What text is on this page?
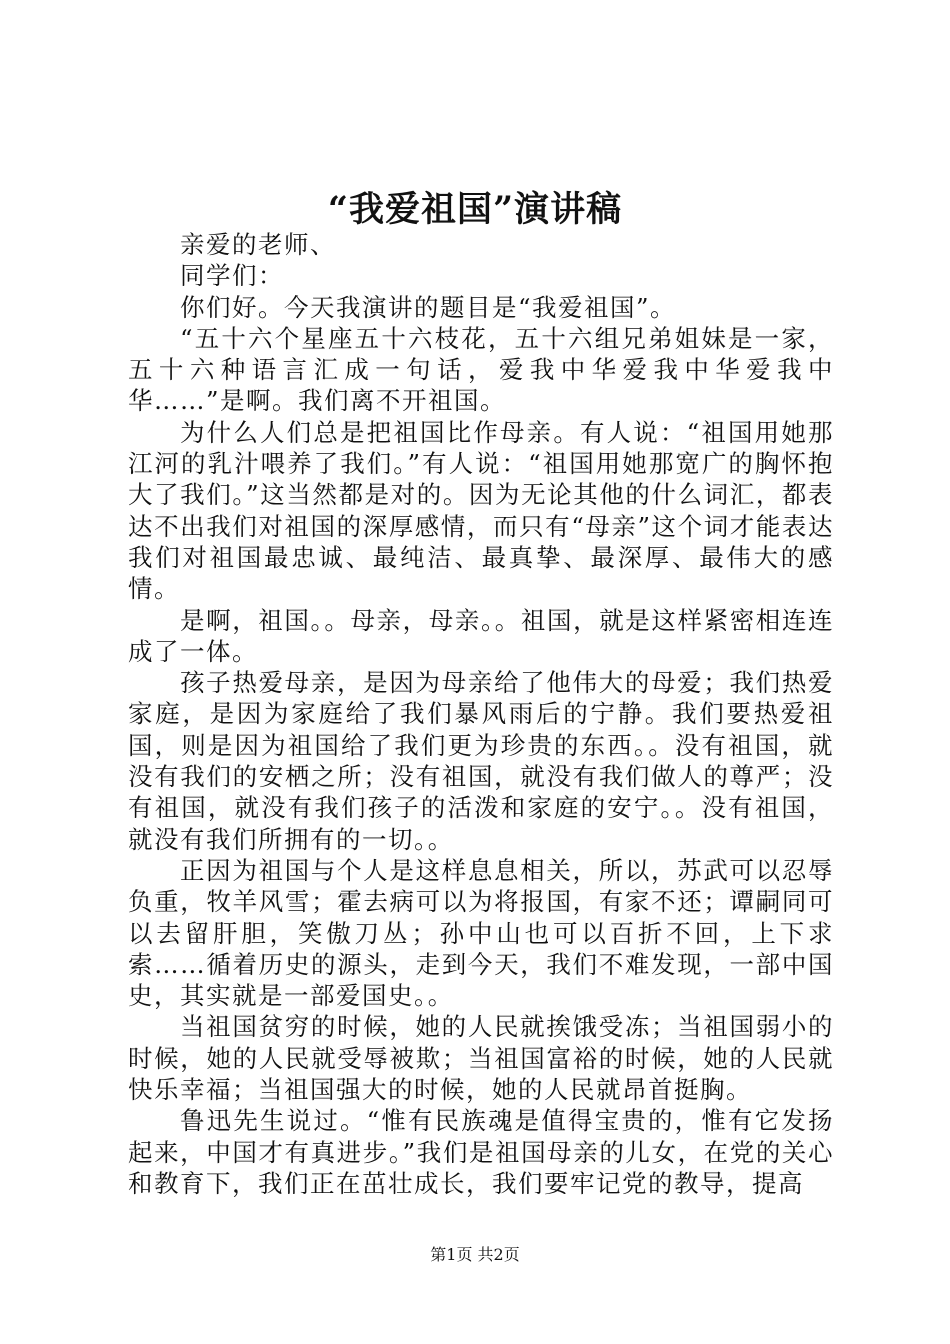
“我爱祖国”演讲稿

亲爱的老师、

同学们：

你们好。今天我演讲的题目是“我爱祖国”。

“五十六个星座五十六枝花，五十六组兄弟姐妹是一家，五十六种语言汇成一句话，爱我中华爱我中华爱我中华……”是啊。我们离不开祖国。

为什么人们总是把祖国比作母亲。有人说：“祖国用她那江河的乳汁喂养了我们。”有人说：“祖国用她那宽广的胸怀抱大了我们。”这当然都是对的。因为无论其他的什么词汇，都表达不出我们对祖国的深厚感情，而只有“母亲”这个词才能表达我们对祖国最忠诚、最纯洁、最真挚、最深厚、最伟大的感情。

是啊，祖国。。母亲，母亲。。祖国，就是这样紧密相连连成了一体。

孩子热爱母亲，是因为母亲给了他伟大的母爱；我们热爱家庭，是因为家庭给了我们暴风雨后的宁静。我们要热爱祖国，则是因为祖国给了我们更为珍贵的东西。。没有祖国，就没有我们的安栖之所；没有祖国，就没有我们做人的尊严；没有祖国，就没有我们孩子的活泼和家庭的安宁。。没有祖国，就没有我们所拥有的一切。。

正因为祖国与个人是这样息息相关，所以，苏武可以忍辱负重，牧羊风雪；霍去病可以为将报国，有家不还；谭嗣同可以去留肝胆，笑傲刀丛；孙中山也可以百折不回，上下求索……循着历史的源头，走到今天，我们不难发现，一部中国史，其实就是一部爱国史。。

当祖国贫穷的时候，她的人民就挨饿受冻；当祖国弱小的时候，她的人民就受辱被欺；当祖国富裕的时候，她的人民就快乐幸福；当祖国强大的时候，她的人民就昂首挺胸。

鲁迅先生说过。“惟有民族魂是值得宝贵的，惟有它发扬起来，中国才有真进步。”我们是祖国母亲的儿女，在党的关心和教育下，我们正在茁壮成长，我们要牢记党的教导，提高

第1页 共2页
